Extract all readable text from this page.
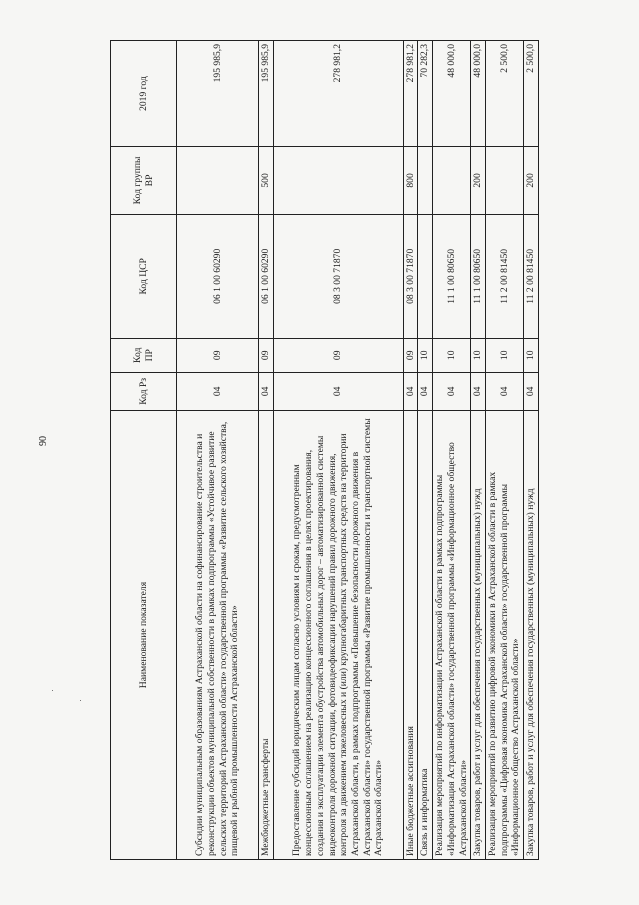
90
Наименование показателя	Код Рз	Код ПР	Код ЦСР	Код группы ВР	2019 год
Субсидии муниципальным образованиям Астраханской области на софинансирование строительства и реконструкции объектов муниципальной собственности в рамках подпрограммы «Устойчивое развитие сельских территорий Астраханской области» государственной программы «Развитие сельского хозяйства, пищевой и рыбной промышленности Астраханской области»	04	09	06 1 00 60290		195 985,9
Межбюджетные трансферты	04	09	06 1 00 60290	500	195 985,9
Предоставление субсидий юридическим лицам согласно условиям и срокам, предусмотренным концессионным соглашением на реализацию концессионного соглашения в целях проектирования, создания и эксплуатации элемента обустройства автомобильных дорог – автоматизированной системы видеоконтроля дорожной ситуации, фотовидеофиксации нарушений правил дорожного движения, контроля за движением тяжеловесных и (или) крупногабаритных транспортных средств на территории Астраханской области, в рамках подпрограммы «Повышение безопасности дорожного движения в Астраханской области» государственной программы «Развитие промышленности и транспортной системы Астраханской области»	04	09	08 3 00 71870		278 981,2
Иные бюджетные ассигнования	04	09	08 3 00 71870	800	278 981,2
Связь и информатика	04	10			70 282,3
Реализация мероприятий по информатизации Астраханской области в рамках подпрограммы «Информатизация Астраханской области» государственной программы «Информационное общество Астраханской области»	04	10	11 1 00 80650		48 000,0
Закупка товаров, работ и услуг для обеспечения государственных (муниципальных) нужд	04	10	11 1 00 80650	200	48 000,0
Реализация мероприятий по развитию цифровой экономики в Астраханской области в рамках подпрограммы «Цифровая экономика Астраханской области» государственной программы «Информационное общество Астраханской области»	04	10	11 2 00 81450		2 500,0
Закупка товаров, работ и услуг для обеспечения государственных (муниципальных) нужд	04	10	11 2 00 81450	200	2 500,0
